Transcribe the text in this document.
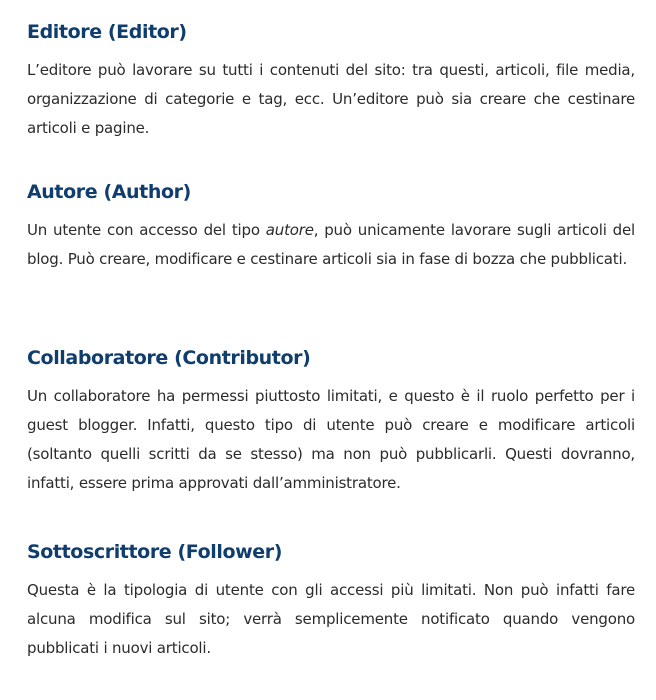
Editore (Editor)

L’editore può lavorare su tutti i contenuti del sito: tra questi, articoli, file media, organizzazione di categorie e tag, ecc. Un’editore può sia creare che cestinare articoli e pagine.

Autore (Author)

Un utente con accesso del tipo autore, può unicamente lavorare sugli articoli del blog. Può creare, modificare e cestinare articoli sia in fase di bozza che pubblicati.

Collaboratore (Contributor)

Un collaboratore ha permessi piuttosto limitati, e questo è il ruolo perfetto per i guest blogger. Infatti, questo tipo di utente può creare e modificare articoli (soltanto quelli scritti da se stesso) ma non può pubblicarli. Questi dovranno, infatti, essere prima approvati dall’amministratore.

Sottoscrittore (Follower)

Questa è la tipologia di utente con gli accessi più limitati. Non può infatti fare alcuna modifica sul sito; verrà semplicemente notificato quando vengono pubblicati i nuovi articoli.
